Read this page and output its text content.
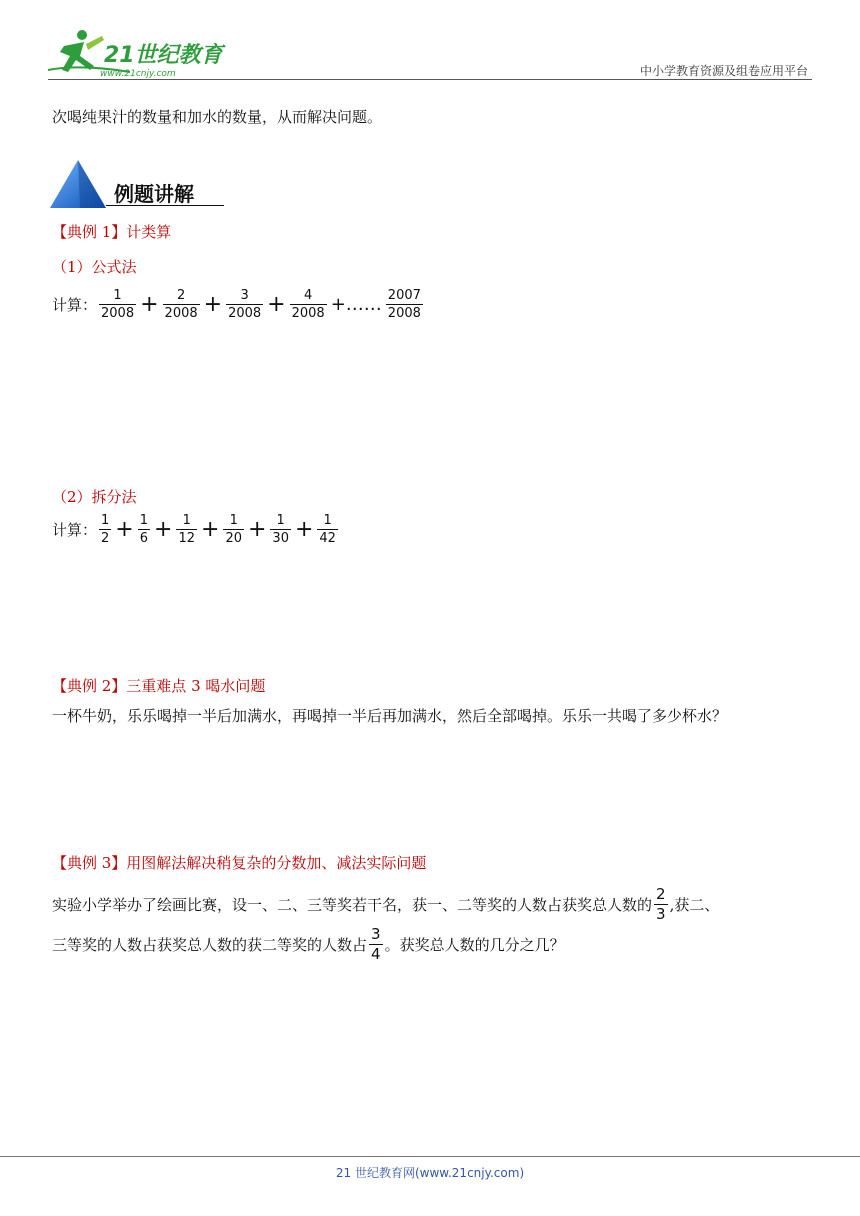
21世纪教育
www.21cnjy.com	中小学教育资源及组卷应用平台
次喝纯果汁的数量和加水的数量，从而解决问题。
例题讲解
【典例 1】计类算
（1）公式法
计算： $\frac{1}{2008} + \frac{2}{2008} + \frac{3}{2008} + \frac{4}{2008}$ +…… $\frac{2007}{2008}$
（2）拆分法
计算： $\frac{1}{2} + \frac{1}{6} + \frac{1}{12} + \frac{1}{20} + \frac{1}{30} + \frac{1}{42}$
【典例 2】三重难点 3 喝水问题
一杯牛奶，乐乐喝掉一半后加满水，再喝掉一半后再加满水，然后全部喝掉。乐乐一共喝了多少杯水？
【典例 3】用图解法解决稍复杂的分数加、减法实际问题
实验小学举办了绘画比赛，设一、二、三等奖若干名，获一、二等奖的人数占获奖总人数的 $\frac{2}{3}$ ,获二、
三等奖的人数占获奖总人数的获二等奖的人数占 $\frac{3}{4}$ 。获奖总人数的几分之几？
21 世纪教育网(www.21cnjy.com)
